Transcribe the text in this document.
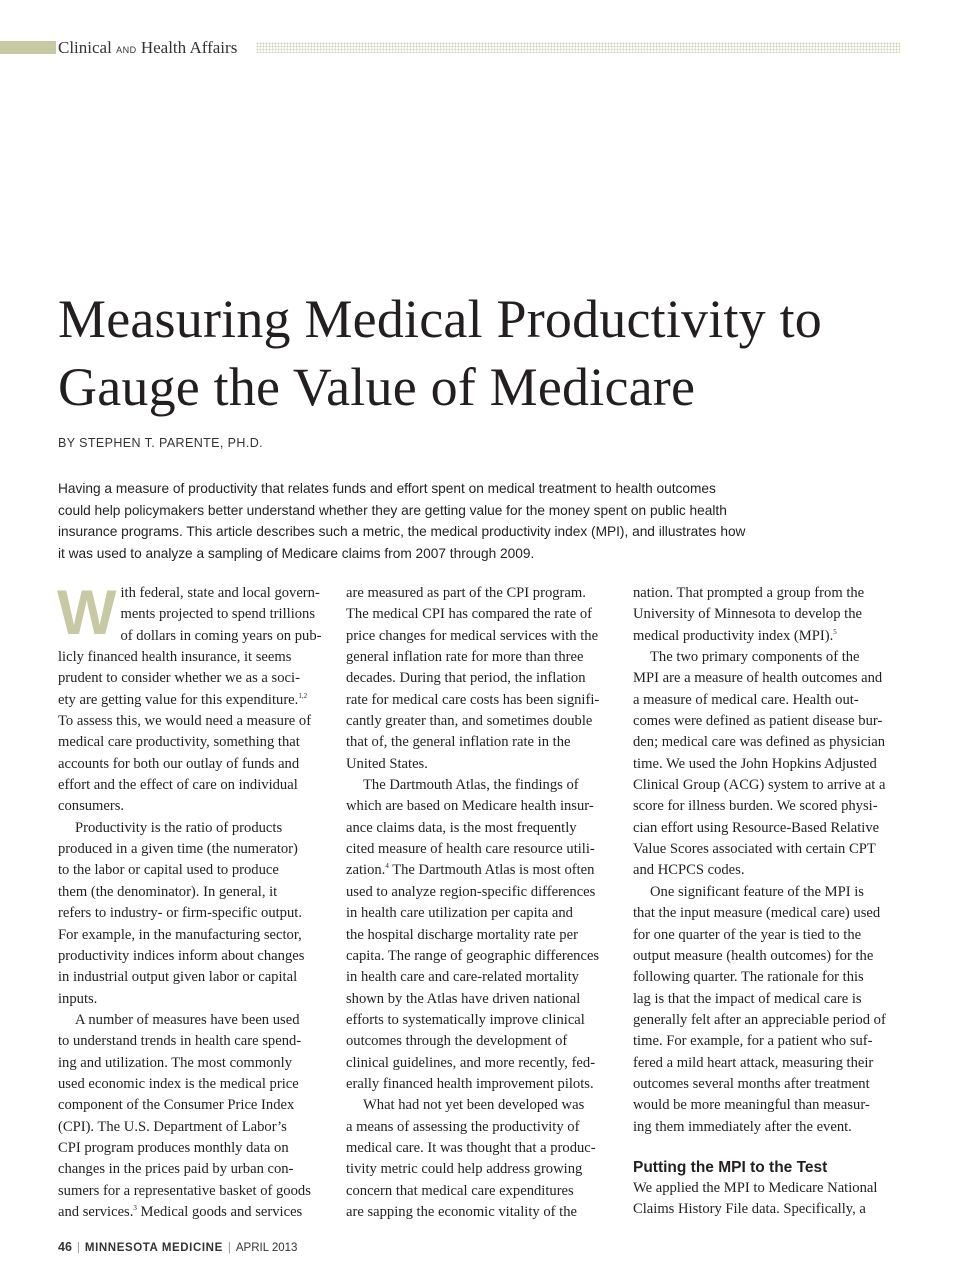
Clinical AND Health Affairs
Measuring Medical Productivity to
Gauge the Value of Medicare

BY STEPHEN T. PARENTE, PH.D.

Having a measure of productivity that relates funds and effort spent on medical treatment to health outcomes
could help policymakers better understand whether they are getting value for the money spent on public health
insurance programs. This article describes such a metric, the medical productivity index (MPI), and illustrates how
it was used to analyze a sampling of Medicare claims from 2007 through 2009.

W ith federal, state and local govern-
ments projected to spend trillions
of dollars in coming years on pub-
licly financed health insurance, it seems
prudent to consider whether we as a soci-
ety are getting value for this expenditure.$^{1,2}$
To assess this, we would need a measure of
medical care productivity, something that
accounts for both our outlay of funds and
effort and the effect of care on individual
consumers.

Productivity is the ratio of products

produced in a given time (the numerator)
to the labor or capital used to produce
them (the denominator). In general, it
refers to industry- or firm-specific output.
For example, in the manufacturing sector,
productivity indices inform about changes
in industrial output given labor or capital
inputs.

A number of measures have been used

to understand trends in health care spend-
ing and utilization. The most commonly
used economic index is the medical price
component of the Consumer Price Index
(CPI). The U.S. Department of Labor’s
CPI program produces monthly data on
changes in the prices paid by urban con-
sumers for a representative basket of goods
and services.$^3$ Medical goods and services

are measured as part of the CPI program.
The medical CPI has compared the rate of
price changes for medical services with the
general inflation rate for more than three
decades. During that period, the inflation
rate for medical care costs has been signifi-
cantly greater than, and sometimes double
that of, the general inflation rate in the
United States.

The Dartmouth Atlas, the findings of

which are based on Medicare health insur-
ance claims data, is the most frequently
cited measure of health care resource utili-
zation.$^4$ The Dartmouth Atlas is most often
used to analyze region-specific differences
in health care utilization per capita and
the hospital discharge mortality rate per
capita. The range of geographic differences
in health care and care-related mortality
shown by the Atlas have driven national
efforts to systematically improve clinical
outcomes through the development of
clinical guidelines, and more recently, fed-
erally financed health improvement pilots.

What had not yet been developed was

a means of assessing the productivity of
medical care. It was thought that a produc-
tivity metric could help address growing
concern that medical care expenditures
are sapping the economic vitality of the

nation. That prompted a group from the
University of Minnesota to develop the
medical productivity index (MPI).$^5$

The two primary components of the

MPI are a measure of health outcomes and
a measure of medical care. Health out-
comes were defined as patient disease bur-
den; medical care was defined as physician
time. We used the John Hopkins Adjusted
Clinical Group (ACG) system to arrive at a
score for illness burden. We scored physi-
cian effort using Resource-Based Relative
Value Scores associated with certain CPT
and HCPCS codes.

One significant feature of the MPI is

that the input measure (medical care) used
for one quarter of the year is tied to the
output measure (health outcomes) for the
following quarter. The rationale for this
lag is that the impact of medical care is
generally felt after an appreciable period of
time. For example, for a patient who suf-
fered a mild heart attack, measuring their
outcomes several months after treatment
would be more meaningful than measur-
ing them immediately after the event.

Putting the MPI to the Test

We applied the MPI to Medicare National
Claims History File data. Specifically, a

46 | MINNESOTA MEDICINE | APRIL 2013
